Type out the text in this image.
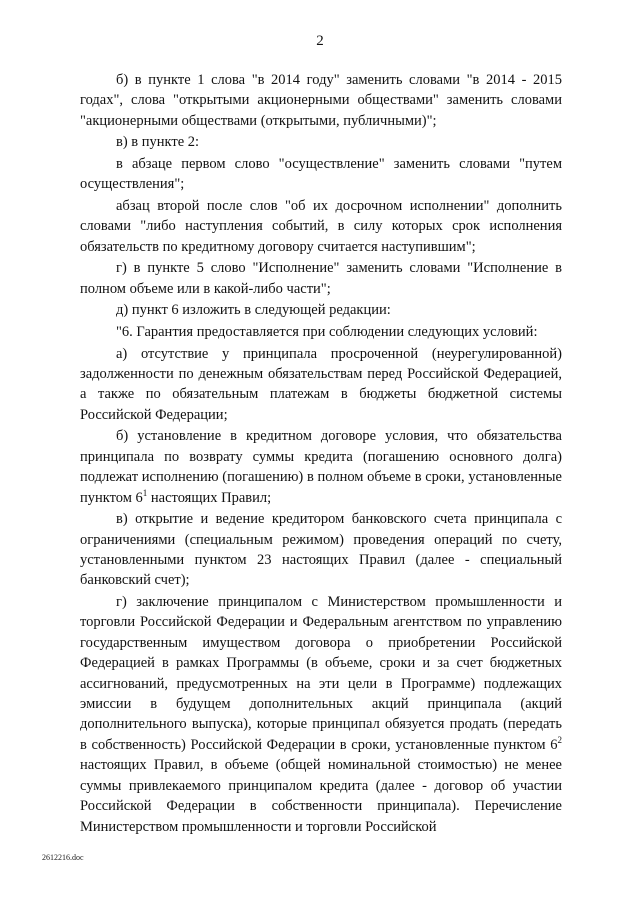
2

б) в пункте 1 слова "в 2014 году" заменить словами "в 2014 - 2015 годах", слова "открытыми акционерными обществами" заменить словами "акционерными обществами (открытыми, публичными)";

в) в пункте 2:

в абзаце первом слово "осуществление" заменить словами "путем осуществления";

абзац второй после слов "об их досрочном исполнении" дополнить словами "либо наступления событий, в силу которых срок исполнения обязательств по кредитному договору считается наступившим";

г) в пункте 5 слово "Исполнение" заменить словами "Исполнение в полном объеме или в какой-либо части";

д) пункт 6 изложить в следующей редакции:

"6. Гарантия предоставляется при соблюдении следующих условий:

а) отсутствие у принципала просроченной (неурегулированной) задолженности по денежным обязательствам перед Российской Федерацией, а также по обязательным платежам в бюджеты бюджетной системы Российской Федерации;

б) установление в кредитном договоре условия, что обязательства принципала по возврату суммы кредита (погашению основного долга) подлежат исполнению (погашению) в полном объеме в сроки, установленные пунктом $6^1$ настоящих Правил;

в) открытие и ведение кредитором банковского счета принципала с ограничениями (специальным режимом) проведения операций по счету, установленными пунктом 23 настоящих Правил (далее - специальный банковский счет);

г) заключение принципалом с Министерством промышленности и торговли Российской Федерации и Федеральным агентством по управлению государственным имуществом договора о приобретении Российской Федерацией в рамках Программы (в объеме, сроки и за счет бюджетных ассигнований, предусмотренных на эти цели в Программе) подлежащих эмиссии в будущем дополнительных акций принципала (акций дополнительного выпуска), которые принципал обязуется продать (передать в собственность) Российской Федерации в сроки, установленные пунктом $6^2$ настоящих Правил, в объеме (общей номинальной стоимостью) не менее суммы привлекаемого принципалом кредита (далее - договор об участии Российской Федерации в собственности принципала). Перечисление Министерством промышленности и торговли Российской

2612216.doc
